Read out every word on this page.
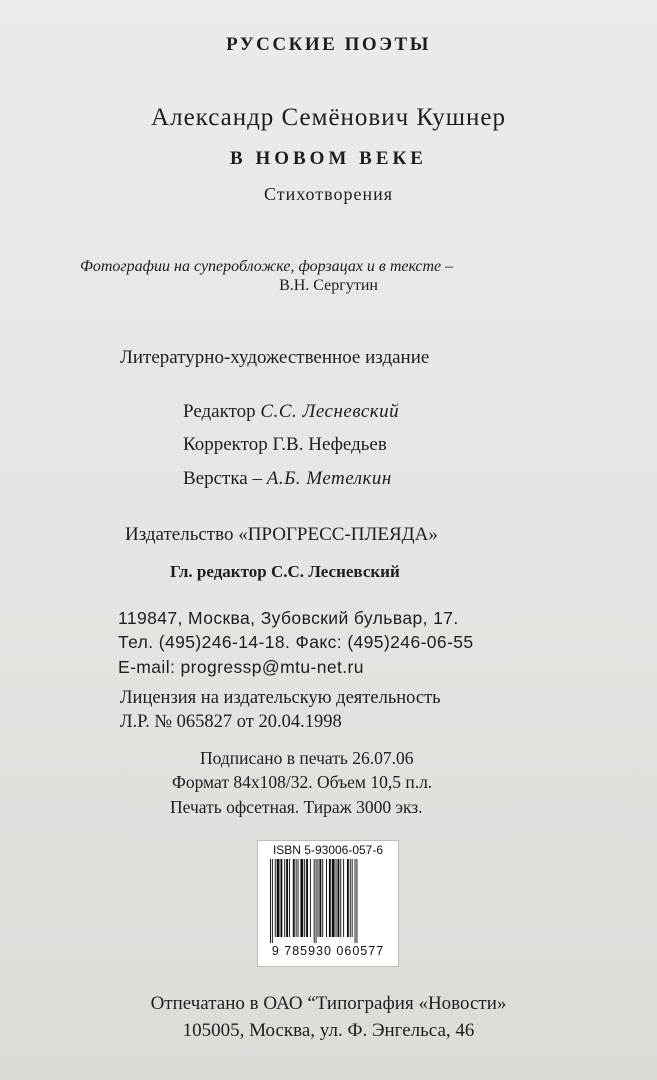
РУССКИЕ ПОЭТЫ

Александр Семёнович Кушнер

В НОВОМ ВЕКЕ

Стихотворения

Фотографии на суперобложке, форзацах и в тексте –

В.Н. Сергутин

Литературно-художественное издание

Редактор С.С. Лесневский

Корректор Г.В. Нефедьев

Верстка – А.Б. Метелкин

Издательство «ПРОГРЕСС-ПЛЕЯДА»

Гл. редактор С.С. Лесневский

119847, Москва, Зубовский бульвар, 17.

Тел. (495)246-14-18. Факс: (495)246-06-55

E-mail: progressp@mtu-net.ru

Лицензия на издательскую деятельность

Л.Р. № 065827 от 20.04.1998

Подписано в печать 26.07.06

Формат 84х108/32. Объем 10,5 п.л.

Печать офсетная. Тираж 3000 экз.

ISBN 5-93006-057-6
9 785930 060577

Отпечатано в ОАО “Типография «Новости»

105005, Москва, ул. Ф. Энгельса, 46
